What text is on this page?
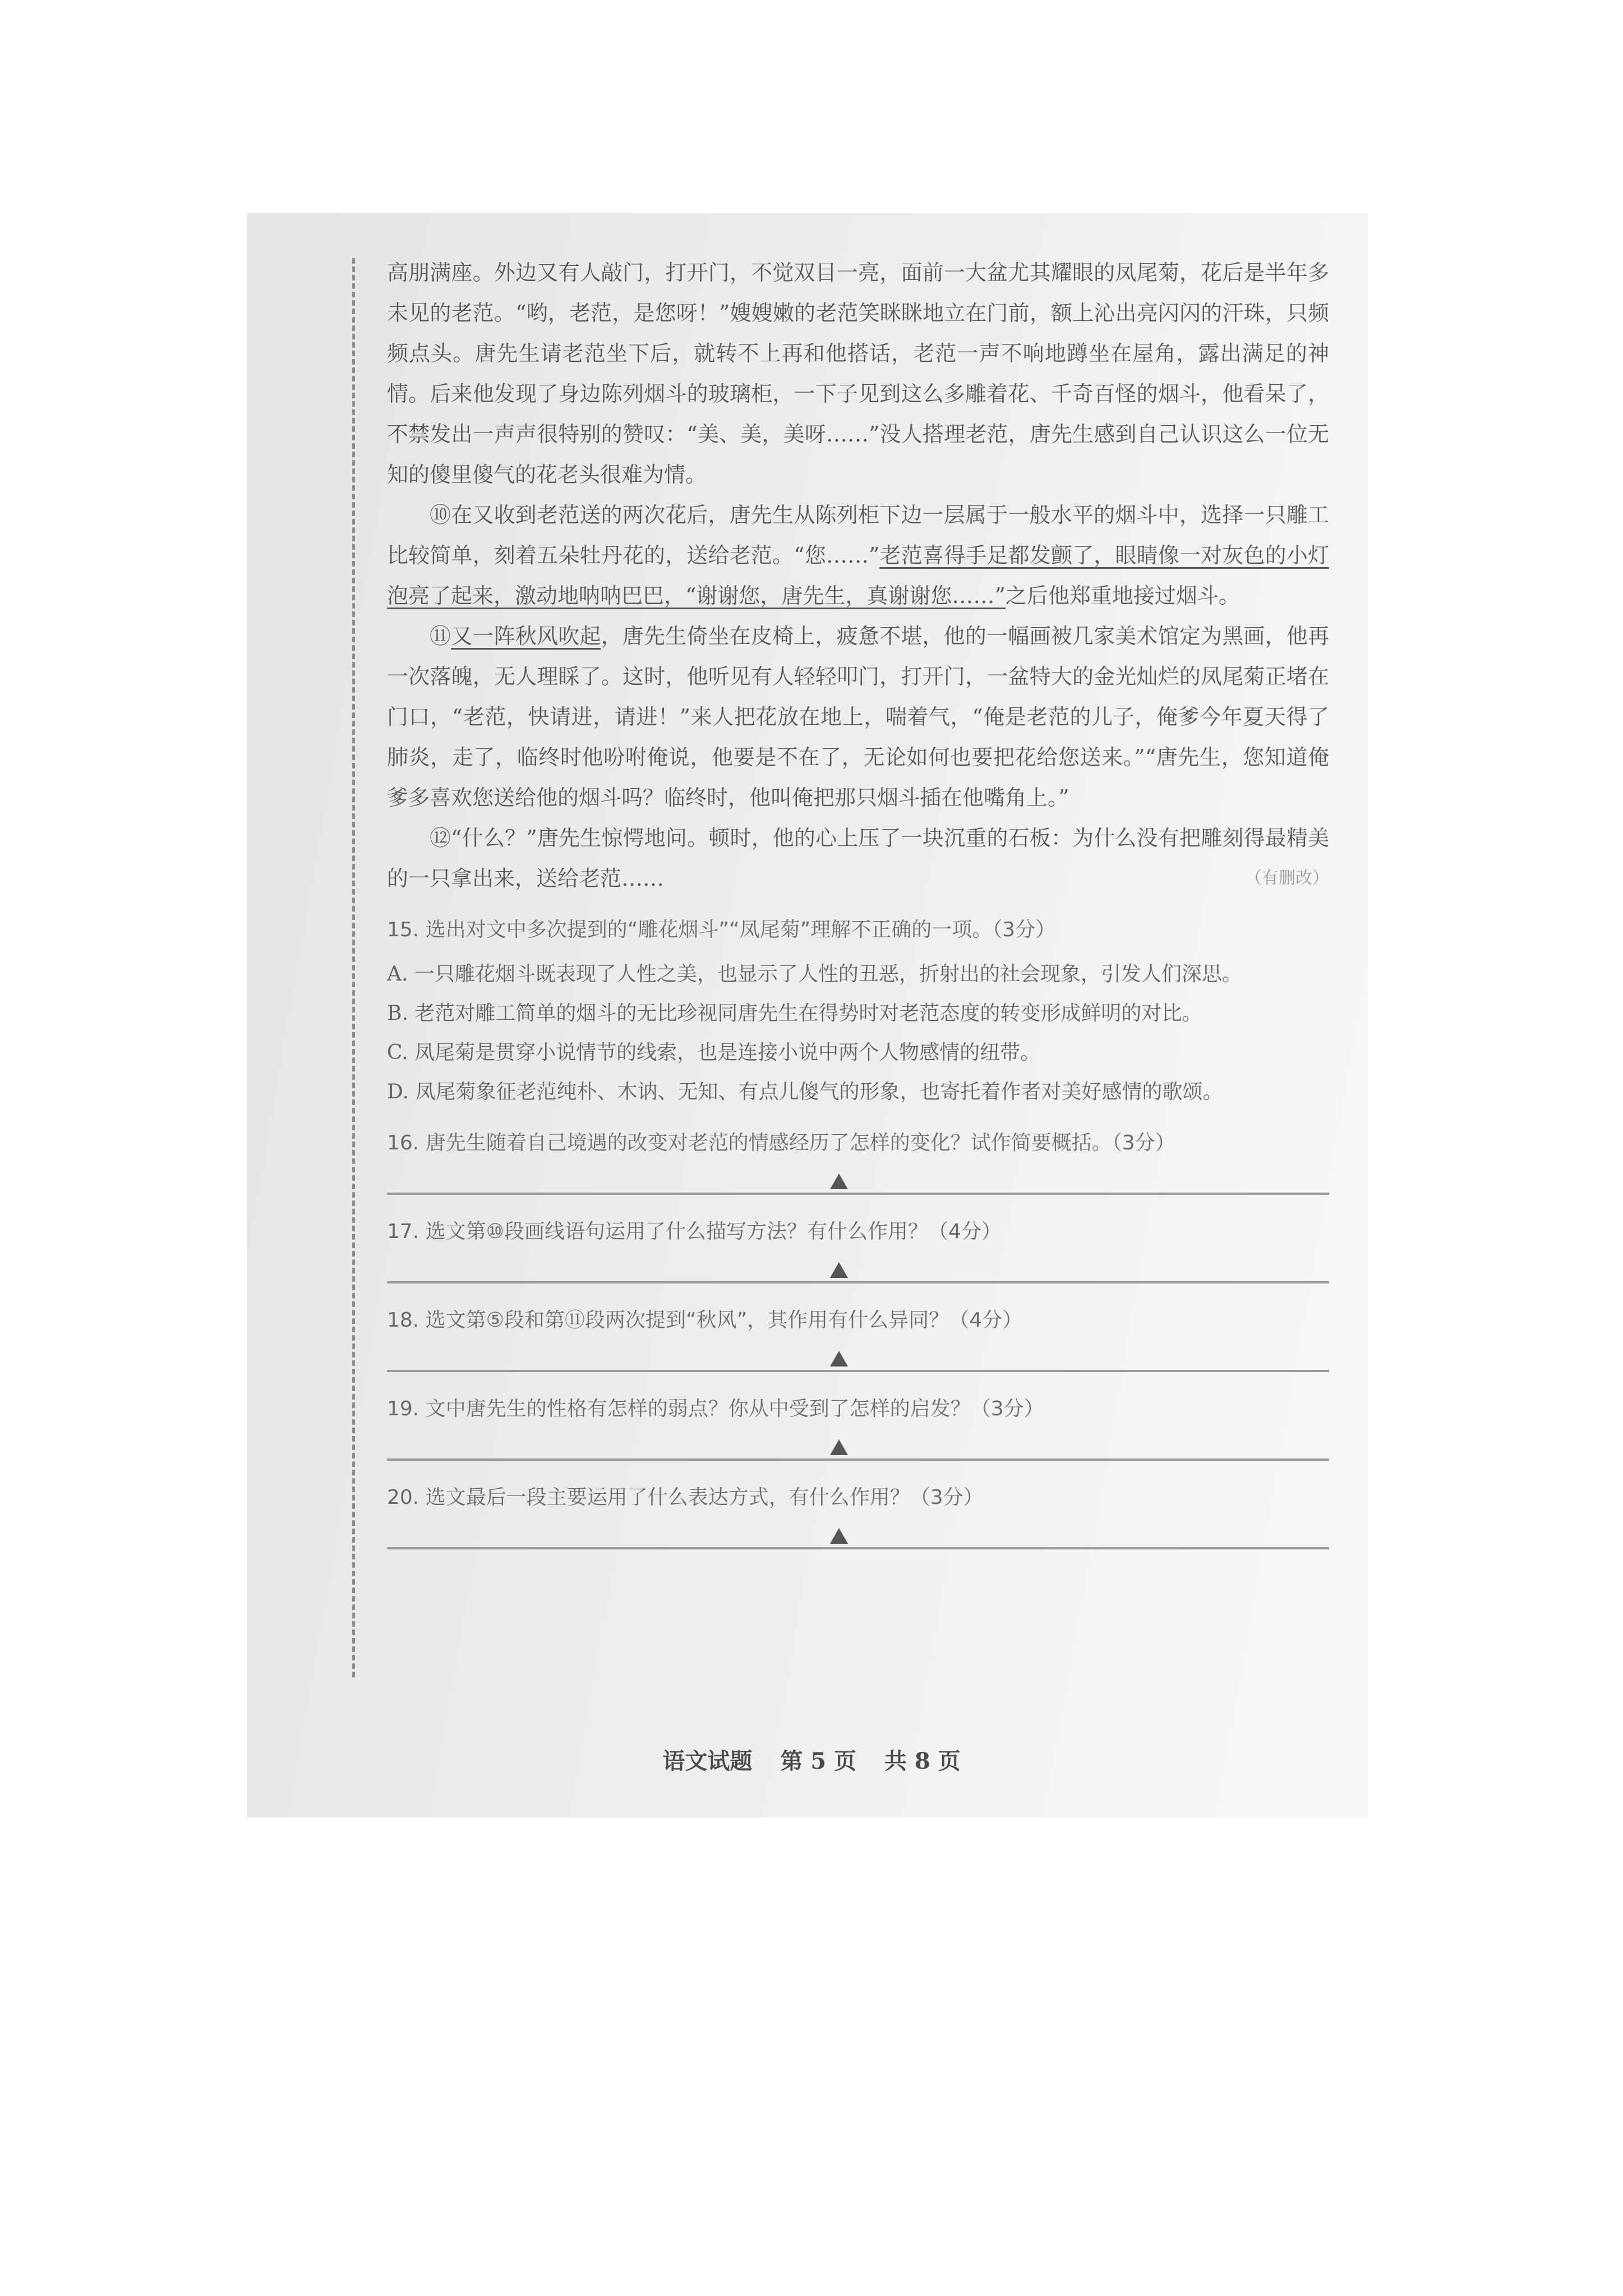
高朋满座。外边又有人敲门，打开门，不觉双目一亮，面前一大盆尤其耀眼的凤尾菊，花后是半年多未见的老范。“哟，老范，是您呀！”嫂嫂嫩的老范笑眯眯地立在门前，额上沁出亮闪闪的汗珠，只频频点头。唐先生请老范坐下后，就转不上再和他搭话，老范一声不响地蹲坐在屋角，露出满足的神情。后来他发现了身边陈列烟斗的玻璃柜，一下子见到这么多雕着花、千奇百怪的烟斗，他看呆了，不禁发出一声声很特别的赞叹：“美、美，美呀……”没人搭理老范，唐先生感到自己认识这么一位无知的傻里傻气的花老头很难为情。

⑩在又收到老范送的两次花后，唐先生从陈列柜下边一层属于一般水平的烟斗中，选择一只雕工比较简单，刻着五朵牡丹花的，送给老范。“您……”老范喜得手足都发颤了，眼睛像一对灰色的小灯泡亮了起来，激动地呐呐巴巴，“谢谢您，唐先生，真谢谢您……”之后他郑重地接过烟斗。

⑪又一阵秋风吹起，唐先生倚坐在皮椅上，疲惫不堪，他的一幅画被几家美术馆定为黑画，他再一次落魄，无人理睬了。这时，他听见有人轻轻叩门，打开门，一盆特大的金光灿烂的凤尾菊正堵在门口，“老范，快请进，请进！”来人把花放在地上，喘着气，“俺是老范的儿子，俺爹今年夏天得了肺炎，走了，临终时他吩咐俺说，他要是不在了，无论如何也要把花给您送来。”“唐先生，您知道俺爹多喜欢您送给他的烟斗吗？临终时，他叫俺把那只烟斗插在他嘴角上。”

⑫“什么？”唐先生惊愕地问。顿时，他的心上压了一块沉重的石板：为什么没有把雕刻得最精美的一只拿出来，送给老范……	（有删改）

15. 选出对文中多次提到的“雕花烟斗”“凤尾菊”理解不正确的一项。（3分）

A. 一只雕花烟斗既表现了人性之美，也显示了人性的丑恶，折射出的社会现象，引发人们深思。

B. 老范对雕工简单的烟斗的无比珍视同唐先生在得势时对老范态度的转变形成鲜明的对比。

C. 凤尾菊是贯穿小说情节的线索，也是连接小说中两个人物感情的纽带。

D. 凤尾菊象征老范纯朴、木讷、无知、有点儿傻气的形象，也寄托着作者对美好感情的歌颂。

16. 唐先生随着自己境遇的改变对老范的情感经历了怎样的变化？试作简要概括。（3分）
17. 选文第⑩段画线语句运用了什么描写方法？有什么作用？（4分）
18. 选文第⑤段和第⑪段两次提到“秋风”，其作用有什么异同？（4分）
19. 文中唐先生的性格有怎样的弱点？你从中受到了怎样的启发？（3分）
20. 选文最后一段主要运用了什么表达方式，有什么作用？（3分）
语文试题 第 5 页 共 8 页
